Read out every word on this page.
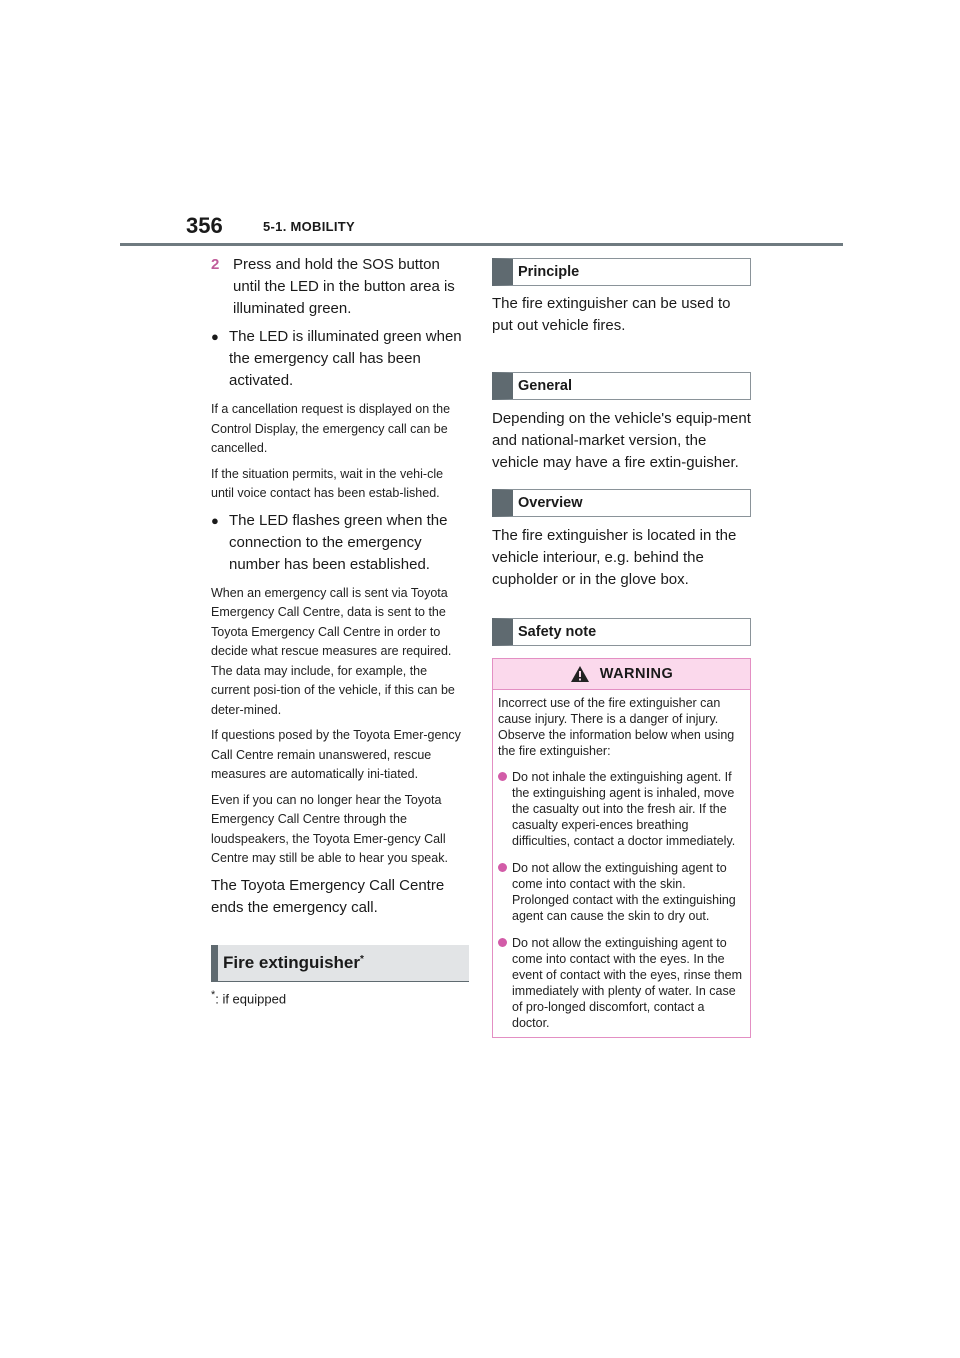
356	5-1. MOBILITY
2 Press and hold the SOS button until the LED in the button area is illuminated green.
● The LED is illuminated green when the emergency call has been activated.

If a cancellation request is displayed on the Control Display, the emergency call can be cancelled.

If the situation permits, wait in the vehi-cle until voice contact has been estab-lished.

● The LED flashes green when the connection to the emergency number has been established.

When an emergency call is sent via Toyota Emergency Call Centre, data is sent to the Toyota Emergency Call Centre in order to decide what rescue measures are required. The data may include, for example, the current posi-tion of the vehicle, if this can be deter-mined.

If questions posed by the Toyota Emer-gency Call Centre remain unanswered, rescue measures are automatically ini-tiated.

Even if you can no longer hear the Toyota Emergency Call Centre through the loudspeakers, the Toyota Emer-gency Call Centre may still be able to hear you speak.

The Toyota Emergency Call Centre ends the emergency call.

Fire extinguisher*
*: if equipped
Principle

The fire extinguisher can be used to put out vehicle fires.

General

Depending on the vehicle's equip-ment and national-market version, the vehicle may have a fire extin-guisher.

Overview

The fire extinguisher is located in the vehicle interiour, e.g. behind the cupholder or in the glove box.

Safety note
WARNING

Incorrect use of the fire extinguisher can cause injury. There is a danger of injury. Observe the information below when using the fire extinguisher:

Do not inhale the extinguishing agent. If the extinguishing agent is inhaled, move the casualty out into the fresh air. If the casualty experi-ences breathing difficulties, contact a doctor immediately.
Do not allow the extinguishing agent to come into contact with the skin. Prolonged contact with the extinguishing agent can cause the skin to dry out.
Do not allow the extinguishing agent to come into contact with the eyes. In the event of contact with the eyes, rinse them immediately with plenty of water. In case of pro-longed discomfort, contact a doctor.
